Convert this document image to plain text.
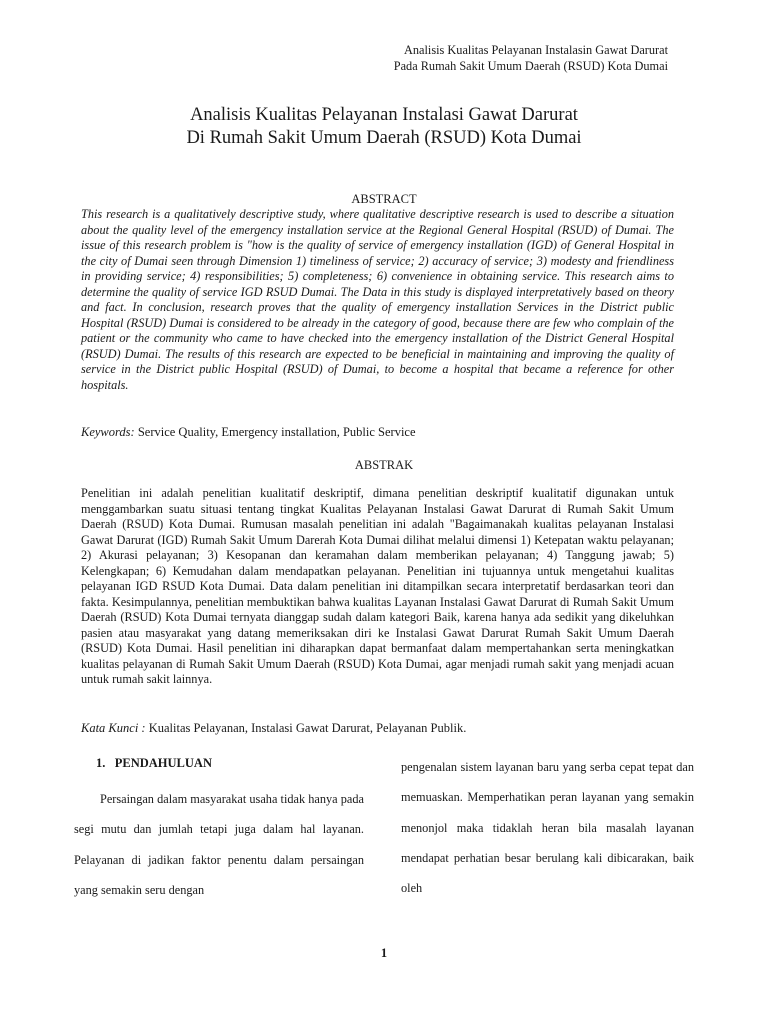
Analisis Kualitas Pelayanan Instalasin Gawat Darurat
Pada Rumah Sakit Umum Daerah (RSUD) Kota Dumai
Analisis Kualitas Pelayanan Instalasi Gawat Darurat
Di Rumah Sakit Umum Daerah (RSUD) Kota Dumai
ABSTRACT

This research is a qualitatively descriptive study, where qualitative descriptive research is used to describe a situation about the quality level of the emergency installation service at the Regional General Hospital (RSUD) of Dumai. The issue of this research problem is "how is the quality of service of emergency installation (IGD) of General Hospital in the city of Dumai seen through Dimension 1) timeliness of service; 2) accuracy of service; 3) modesty and friendliness in providing service; 4) responsibilities; 5) completeness; 6) convenience in obtaining service. This research aims to determine the quality of service IGD RSUD Dumai. The Data in this study is displayed interpretatively based on theory and fact. In conclusion, research proves that the quality of emergency installation Services in the District public Hospital (RSUD) Dumai is considered to be already in the category of good, because there are few who complain of the patient or the community who came to have checked into the emergency installation of the District General Hospital (RSUD) Dumai. The results of this research are expected to be beneficial in maintaining and improving the quality of service in the District public Hospital (RSUD) of Dumai, to become a hospital that became a reference for other hospitals.

Keywords: Service Quality, Emergency installation, Public Service
ABSTRAK

Penelitian ini adalah penelitian kualitatif deskriptif, dimana penelitian deskriptif kualitatif digunakan untuk menggambarkan suatu situasi tentang tingkat Kualitas Pelayanan Instalasi Gawat Darurat di Rumah Sakit Umum Daerah (RSUD) Kota Dumai. Rumusan masalah penelitian ini adalah "Bagaimanakah kualitas pelayanan Instalasi Gawat Darurat (IGD) Rumah Sakit Umum Darerah Kota Dumai dilihat melalui dimensi 1) Ketepatan waktu pelayanan; 2) Akurasi pelayanan; 3) Kesopanan dan keramahan dalam memberikan pelayanan; 4) Tanggung jawab; 5) Kelengkapan; 6) Kemudahan dalam mendapatkan pelayanan. Penelitian ini tujuannya untuk mengetahui kualitas pelayanan IGD RSUD Kota Dumai. Data dalam penelitian ini ditampilkan secara interpretatif berdasarkan teori dan fakta. Kesimpulannya, penelitian membuktikan bahwa kualitas Layanan Instalasi Gawat Darurat di Rumah Sakit Umum Daerah (RSUD) Kota Dumai ternyata dianggap sudah dalam kategori Baik, karena hanya ada sedikit yang dikeluhkan pasien atau masyarakat yang datang memeriksakan diri ke Instalasi Gawat Darurat Rumah Sakit Umum Daerah (RSUD) Kota Dumai. Hasil penelitian ini diharapkan dapat bermanfaat dalam mempertahankan serta meningkatkan kualitas pelayanan di Rumah Sakit Umum Daerah (RSUD) Kota Dumai, agar menjadi rumah sakit yang menjadi acuan untuk rumah sakit lainnya.

Kata Kunci : Kualitas Pelayanan, Instalasi Gawat Darurat, Pelayanan Publik.
1.   PENDAHULUAN

Persaingan dalam masyarakat usaha tidak hanya pada segi mutu dan jumlah tetapi juga dalam hal layanan. Pelayanan di jadikan faktor penentu dalam persaingan yang semakin seru dengan

pengenalan sistem layanan baru yang serba cepat tepat dan memuaskan. Memperhatikan peran layanan yang semakin menonjol maka tidaklah heran bila masalah layanan mendapat perhatian besar berulang kali dibicarakan, baik oleh

1
